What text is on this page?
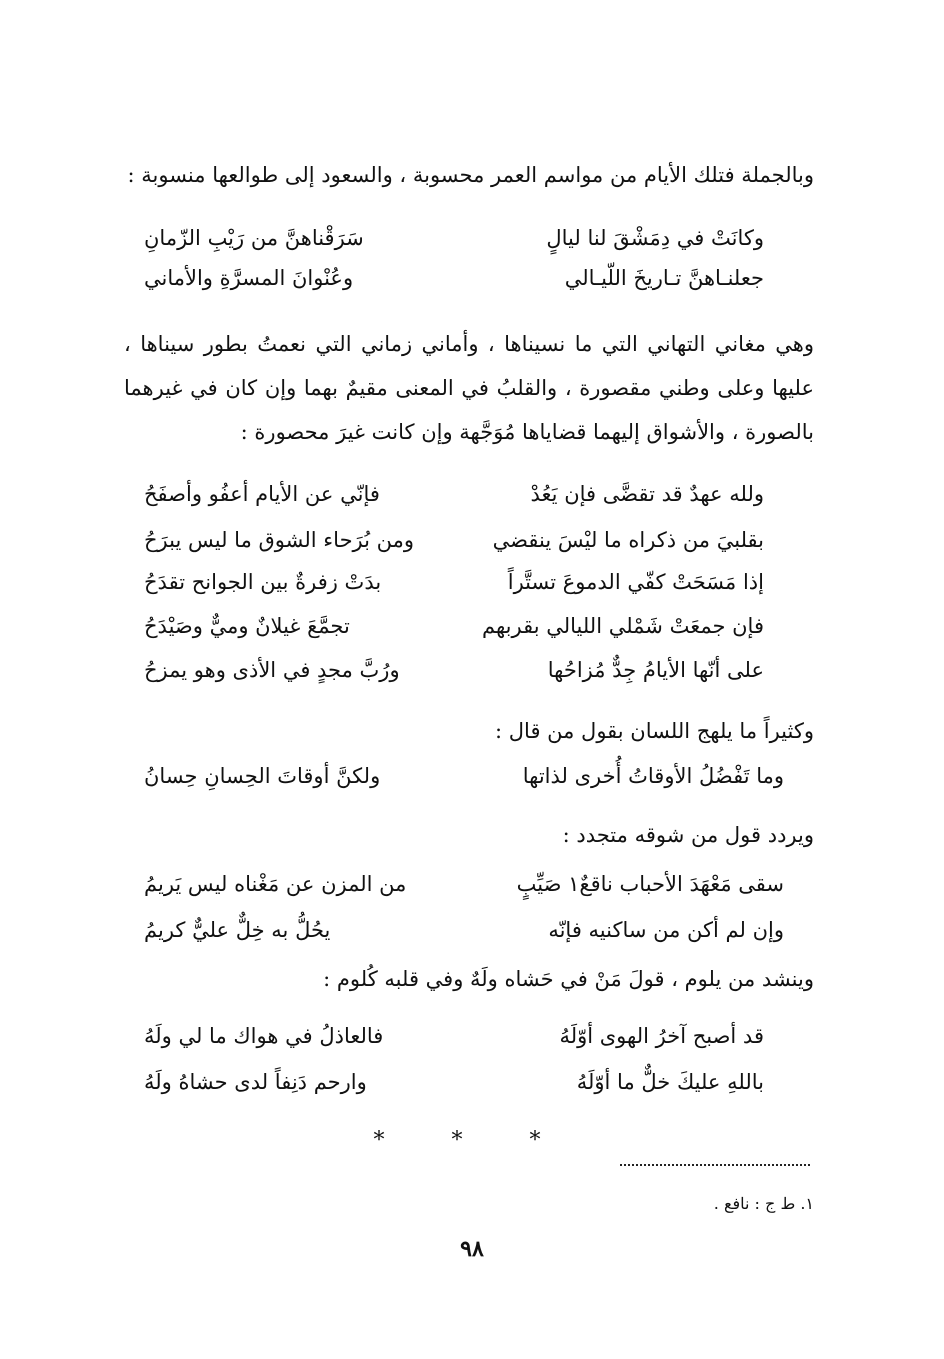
وبالجملة فتلك الأيام من مواسم العمر محسوبة ، والسعود إلى طوالعها منسوبة :
وكانَتْ في دِمَشْقَ لنا ليالٍ
سَرَقْناهنَّ من رَيْبِ الزّمانِ
جعلنـاهنَّ تـاريخَ اللّيـالي
وعُنْوانَ المسرَّةِ والأماني
وهي مغاني التهاني التي ما نسيناها ، وأماني زماني التي نعمتُ بطور سيناها ، عليها وعلى وطني مقصورة ، والقلبُ في المعنى مقيمٌ بهما وإن كان في غيرهما بالصورة ، والأشواق إليهما قضاياها مُوَجَّهة وإن كانت غيرَ محصورة :
ولله عهدٌ قد تقضَّى فإن يَعُدْ
فإنّي عن الأيام أعفُو وأصفَحُ
بقلبيَ من ذكراه ما ليْسَ ينقضي
ومن بُرَحاء الشوق ما ليس يبرَحُ
إذا مَسَحَتْ كفّي الدموعَ تستَّراً
بدَتْ زفرةٌ بين الجوانح تقدَحُ
فإن جمعَتْ شَمْلي الليالي بقربهم
تجمَّعَ غيلانٌ وميٌّ وصَيْدَحُ
على أنّها الأيامُ جِدٌّ مُزاحُها
ورُبَّ مجدٍ في الأذى وهو يمزحُ
وكثيراً ما يلهج اللسان بقول من قال :
وما تَفْضُلُ الأوقاتُ أُخرى لذاتها
ولكنَّ أوقاتَ الحِسانِ حِسانُ
ويردد قول من شوقه متجدد :
سقى مَعْهَدَ الأحباب ناقعٌ١ صَيِّبٍ
من المزن عن مَغْناه ليس يَريمُ
وإن لم أكن من ساكنيه فإنّه
يحُلُّ به خِلٌّ عليٌّ كريمُ
وينشد من يلوم ، قولَ مَنْ في حَشاه ولَهٌ وفي قلبه كُلوم :
قد أصبح آخرُ الهوى أوّلَهُ
فالعاذلُ في هواك ما لي ولَهُ
باللهِ عليكَ خلٌّ ما أوّلَهُ
وارحم دَنِفاً لدى حشاهُ ولَهُ
* * *
١. ط ج : نافع .
٩٨
